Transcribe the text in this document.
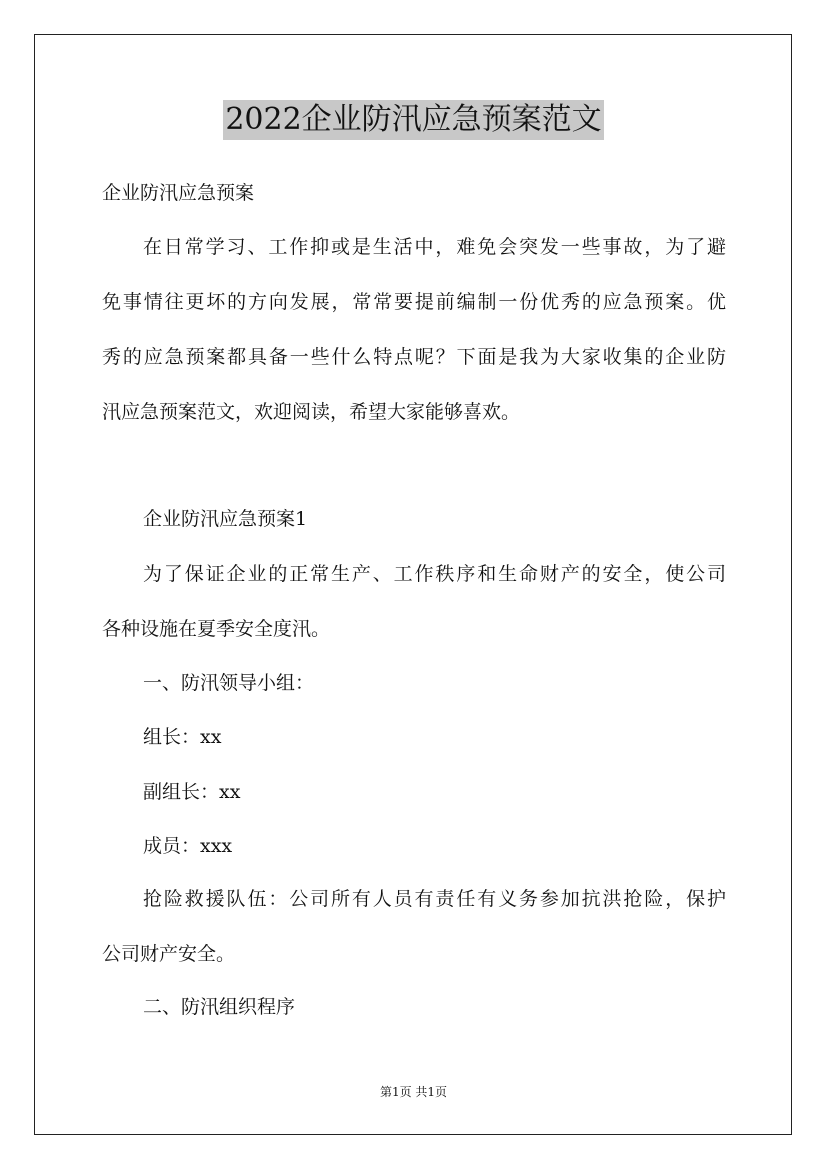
2022企业防汛应急预案范文
企业防汛应急预案
在日常学习、工作抑或是生活中，难免会突发一些事故，为了避
免事情往更坏的方向发展，常常要提前编制一份优秀的应急预案。优
秀的应急预案都具备一些什么特点呢？下面是我为大家收集的企业防
汛应急预案范文，欢迎阅读，希望大家能够喜欢。
企业防汛应急预案1
为了保证企业的正常生产、工作秩序和生命财产的安全，使公司
各种设施在夏季安全度汛。
一、防汛领导小组：
组长：xx
副组长：xx
成员：xxx
抢险救援队伍：公司所有人员有责任有义务参加抗洪抢险，保护
公司财产安全。
二、防汛组织程序
第1页 共1页
